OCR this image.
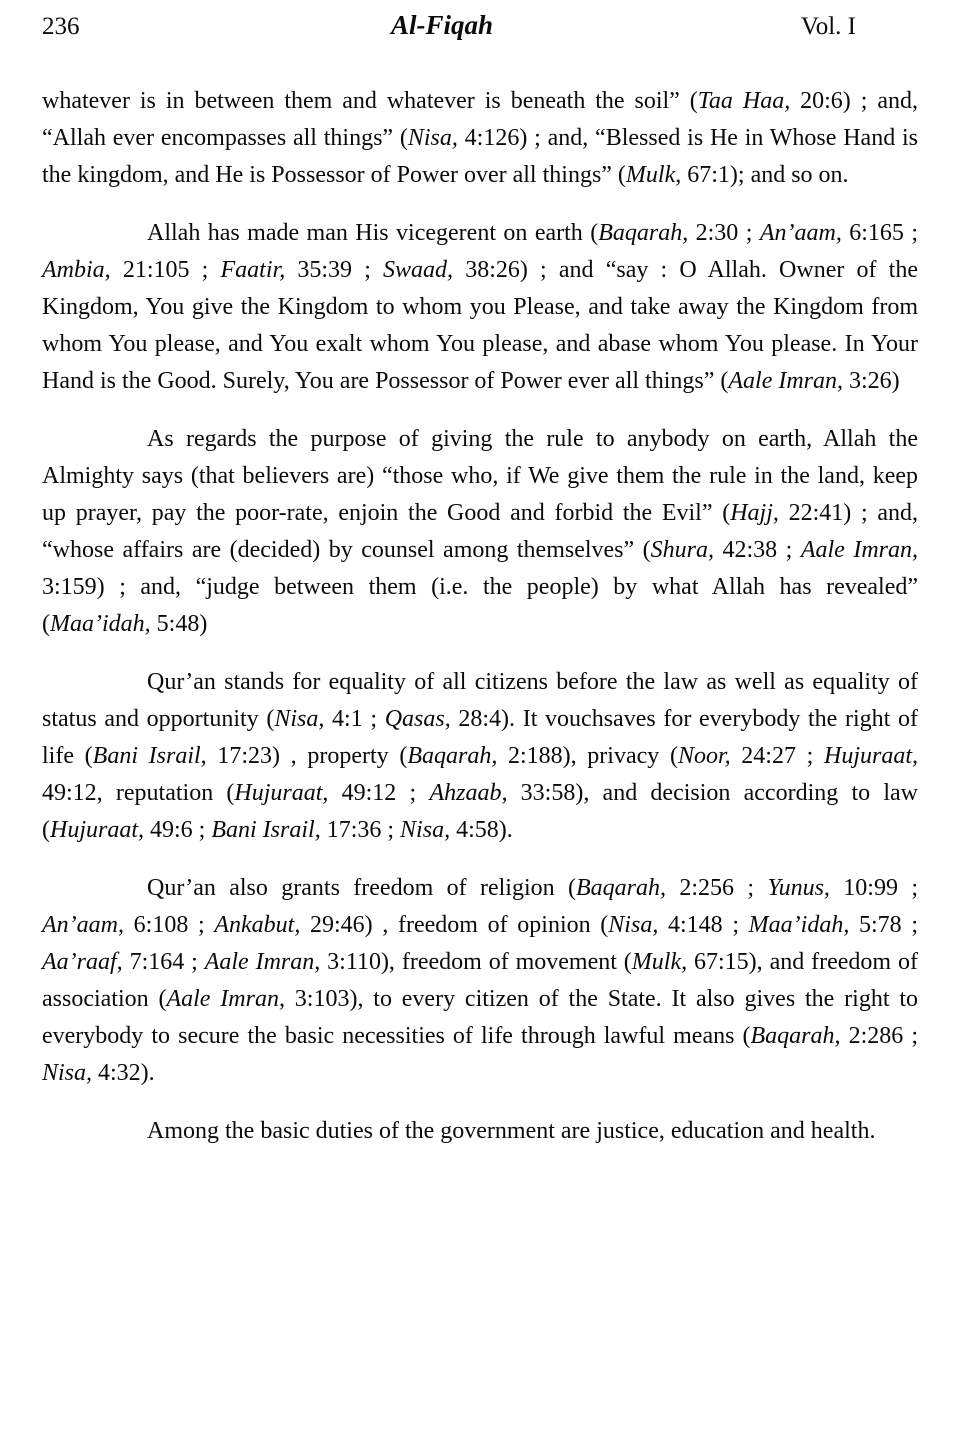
236	Al-Fiqah	Vol. I

whatever is in between them and whatever is beneath the soil” (Taa Haa, 20:6) ; and, “Allah ever encompasses all things” (Nisa, 4:126) ; and, “Blessed is He in Whose Hand is the kingdom, and He is Possessor of Power over all things” (Mulk, 67:1); and so on.

Allah has made man His vicegerent on earth (Baqarah, 2:30 ; An’aam, 6:165 ; Ambia, 21:105 ; Faatir, 35:39 ; Swaad, 38:26) ; and “say : O Allah. Owner of the Kingdom, You give the Kingdom to whom you Please, and take away the Kingdom from whom You please, and You exalt whom You please, and abase whom You please. In Your Hand is the Good. Surely, You are Possessor of Power ever all things” (Aale Imran, 3:26)

As regards the purpose of giving the rule to anybody on earth, Allah the Almighty says (that believers are) “those who, if We give them the rule in the land, keep up prayer, pay the poor-rate, enjoin the Good and forbid the Evil” (Hajj, 22:41) ; and, “whose affairs are (decided) by counsel among themselves” (Shura, 42:38 ; Aale Imran, 3:159) ; and, “judge between them (i.e. the people) by what Allah has revealed” (Maa’idah, 5:48)

Qur’an stands for equality of all citizens before the law as well as equality of status and opportunity (Nisa, 4:1 ; Qasas, 28:4). It vouchsaves for everybody the right of life (Bani Israil, 17:23) , property (Baqarah, 2:188), privacy (Noor, 24:27 ; Hujuraat, 49:12, reputation (Hujuraat, 49:12 ; Ahzaab, 33:58), and decision according to law (Hujuraat, 49:6 ; Bani Israil, 17:36 ; Nisa, 4:58).

Qur’an also grants freedom of religion (Baqarah, 2:256 ; Yunus, 10:99 ; An’aam, 6:108 ; Ankabut, 29:46) , freedom of opinion (Nisa, 4:148 ; Maa’idah, 5:78 ; Aa’raaf, 7:164 ; Aale Imran, 3:110), freedom of movement (Mulk, 67:15), and freedom of association (Aale Imran, 3:103), to every citizen of the State. It also gives the right to everybody to secure the basic necessities of life through lawful means (Baqarah, 2:286 ; Nisa, 4:32).

Among the basic duties of the government are justice, education and health.
